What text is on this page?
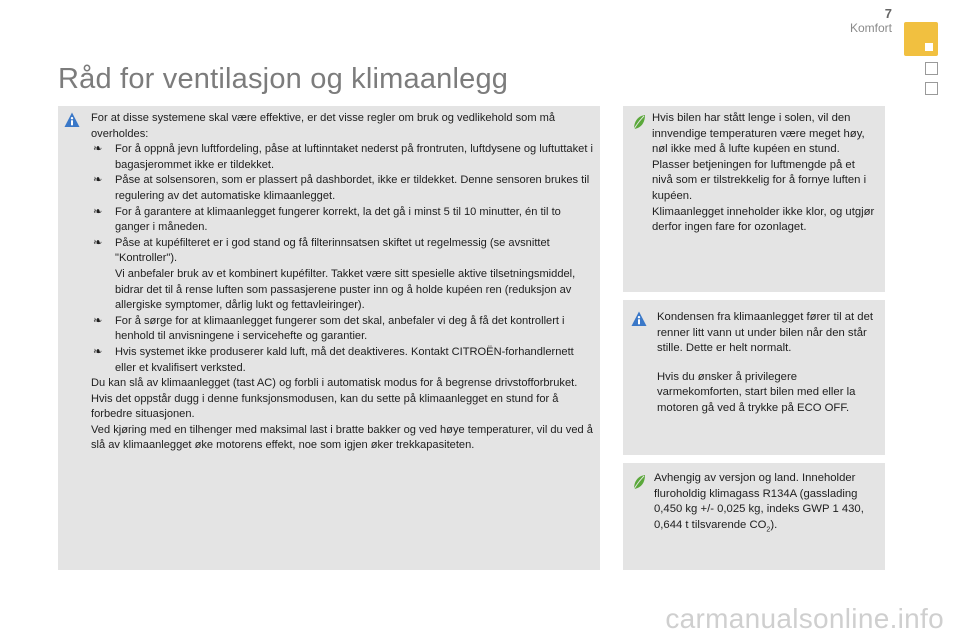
7
Komfort
Råd for ventilasjon og klimaanlegg

For at disse systemene skal være effektive, er det visse regler om bruk og vedlikehold som må overholdes:

❧ For å oppnå jevn luftfordeling, påse at luftinntaket nederst på frontruten, luftdysene og luftuttaket i bagasjerommet ikke er tildekket.
❧ Påse at solsensoren, som er plassert på dashbordet, ikke er tildekket. Denne sensoren brukes til regulering av det automatiske klimaanlegget.
❧ For å garantere at klimaanlegget fungerer korrekt, la det gå i minst 5 til 10 minutter, én til to ganger i måneden.
❧ Påse at kupéfilteret er i god stand og få filterinnsatsen skiftet ut regelmessig (se avsnittet "Kontroller").
Vi anbefaler bruk av et kombinert kupéfilter. Takket være sitt spesielle aktive tilsetningsmiddel, bidrar det til å rense luften som passasjerene puster inn og å holde kupéen ren (reduksjon av allergiske symptomer, dårlig lukt og fettavleiringer).
❧ For å sørge for at klimaanlegget fungerer som det skal, anbefaler vi deg å få det kontrollert i henhold til anvisningene i servicehefte og garantier.
❧ Hvis systemet ikke produserer kald luft, må det deaktiveres. Kontakt CITROËN-forhandlernett eller et kvalifisert verksted.

Du kan slå av klimaanlegget (tast AC) og forbli i automatisk modus for å begrense drivstofforbruket. Hvis det oppstår dugg i denne funksjonsmodusen, kan du sette på klimaanlegget en stund for å forbedre situasjonen.

Ved kjøring med en tilhenger med maksimal last i bratte bakker og ved høye temperaturer, vil du ved å slå av klimaanlegget øke motorens effekt, noe som igjen øker trekkapasiteten.

Hvis bilen har stått lenge i solen, vil den innvendige temperaturen være meget høy, nøl ikke med å lufte kupéen en stund.

Plasser betjeningen for luftmengde på et nivå som er tilstrekkelig for å fornye luften i kupéen.

Klimaanlegget inneholder ikke klor, og utgjør derfor ingen fare for ozonlaget.

Kondensen fra klimaanlegget fører til at det renner litt vann ut under bilen når den står stille. Dette er helt normalt.

Hvis du ønsker å privilegere varmekomforten, start bilen med eller la motoren gå ved å trykke på ECO OFF.

Avhengig av versjon og land. Inneholder fluroholdig klimagass R134A (gasslading 0,450 kg +/- 0,025 kg, indeks GWP 1 430, 0,644 t tilsvarende $CO_2$).

carmanualsonline.info
